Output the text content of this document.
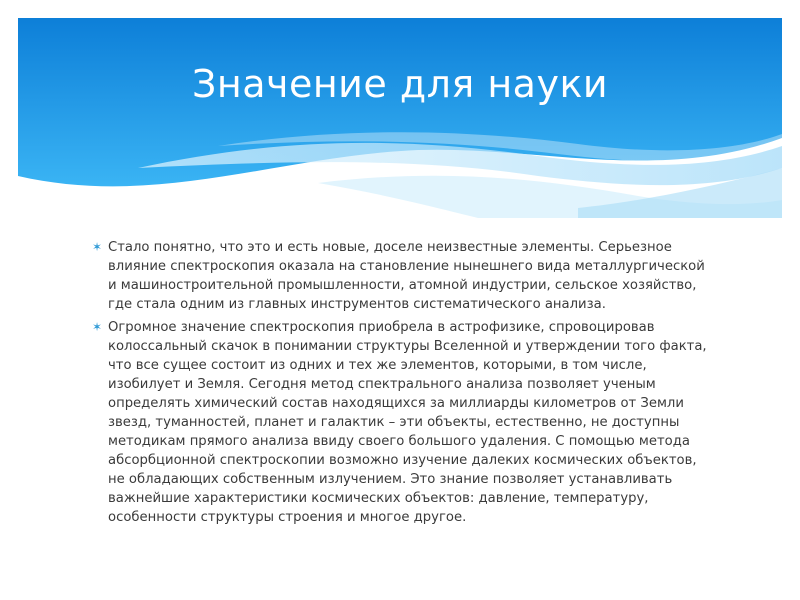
Значение для науки
✶ Стало понятно, что это и есть новые, доселе неизвестные элементы. Серьезное влияние спектроскопия оказала на становление нынешнего вида металлургической и машиностроительной промышленности, атомной индустрии, сельское хозяйство, где стала одним из главных инструментов систематического анализа.
✶ Огромное значение спектроскопия приобрела в астрофизике, спровоцировав колоссальный скачок в понимании структуры Вселенной и утверждении того факта, что все сущее состоит из одних и тех же элементов, которыми, в том числе, изобилует и Земля. Сегодня метод спектрального анализа позволяет ученым определять химический состав находящихся за миллиарды километров от Земли звезд, туманностей, планет и галактик – эти объекты, естественно, не доступны методикам прямого анализа ввиду своего большого удаления. С помощью метода абсорбционной спектроскопии возможно изучение далеких космических объектов, не обладающих собственным излучением. Это знание позволяет устанавливать важнейшие характеристики космических объектов: давление, температуру, особенности структуры строения и многое другое.
